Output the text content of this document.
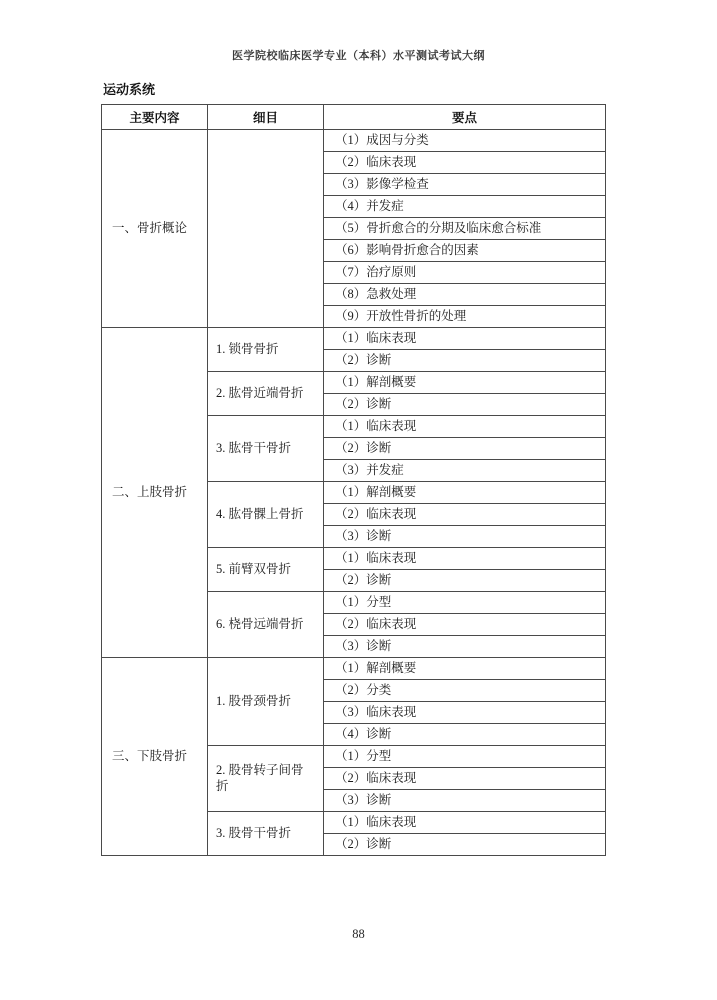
医学院校临床医学专业（本科）水平测试考试大纲
运动系统
主要内容	细目	要点
一、骨折概论		（1）成因与分类
		（2）临床表现
		（3）影像学检查
		（4）并发症
		（5）骨折愈合的分期及临床愈合标准
		（6）影响骨折愈合的因素
		（7）治疗原则
		（8）急救处理
		（9）开放性骨折的处理
二、上肢骨折	1. 锁骨骨折	（1）临床表现
		（2）诊断
	2. 肱骨近端骨折	（1）解剖概要
		（2）诊断
	3. 肱骨干骨折	（1）临床表现
		（2）诊断
		（3）并发症
	4. 肱骨髁上骨折	（1）解剖概要
		（2）临床表现
		（3）诊断
	5. 前臂双骨折	（1）临床表现
		（2）诊断
	6. 桡骨远端骨折	（1）分型
		（2）临床表现
		（3）诊断
三、下肢骨折	1. 股骨颈骨折	（1）解剖概要
		（2）分类
		（3）临床表现
		（4）诊断
	2. 股骨转子间骨折	（1）分型
		（2）临床表现
		（3）诊断
	3. 股骨干骨折	（1）临床表现
		（2）诊断
88
